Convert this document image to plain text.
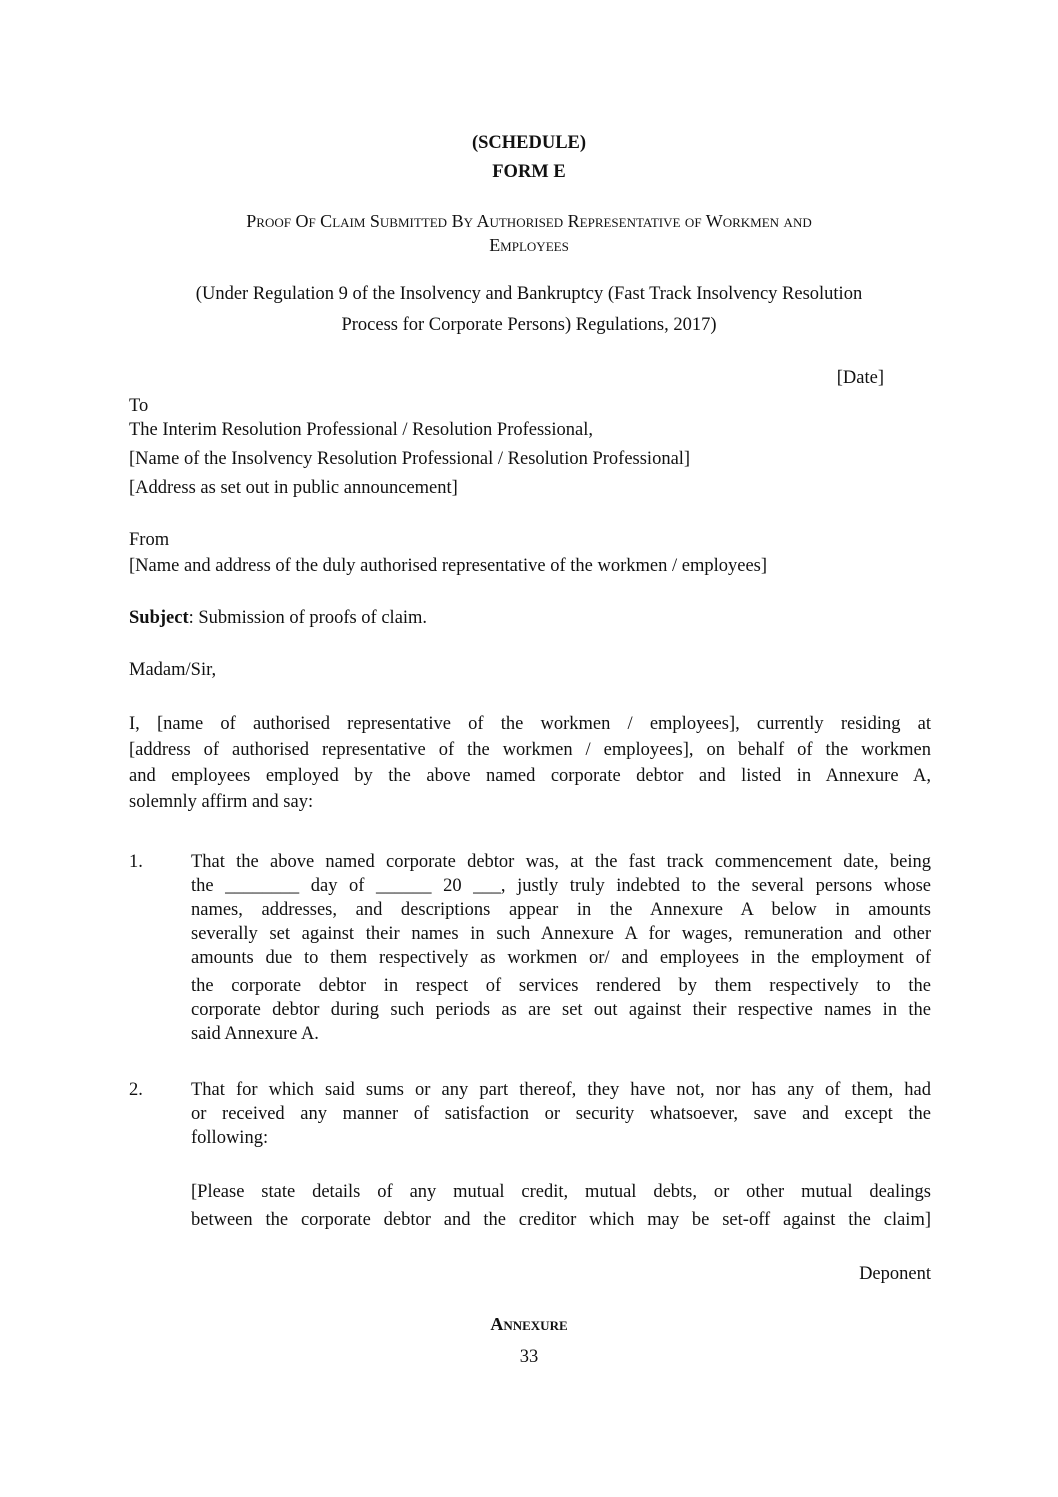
(SCHEDULE)
FORM E
Proof Of Claim Submitted By Authorised Representative of Workmen and
Employees
(Under Regulation 9 of the Insolvency and Bankruptcy (Fast Track Insolvency Resolution
Process for Corporate Persons) Regulations, 2017)
[Date]
To
The Interim Resolution Professional / Resolution Professional,
[Name of the Insolvency Resolution Professional / Resolution Professional]
[Address as set out in public announcement]
From
[Name and address of the duly authorised representative of the workmen / employees]
Subject: Submission of proofs of claim.
Madam/Sir,
I, [name of authorised representative of the workmen / employees], currently residing at
[address of authorised representative of the workmen / employees], on behalf of the workmen
and employees employed by the above named corporate debtor and listed in Annexure A,
solemnly affirm and say:
1.	That the above named corporate debtor was, at the fast track commencement date, being
the ________ day of ______ 20 ___, justly truly indebted to the several persons whose
names, addresses, and descriptions appear in the Annexure A below in amounts
severally set against their names in such Annexure A for wages, remuneration and other
amounts due to them respectively as workmen or/ and employees in the employment of
the corporate debtor in respect of services rendered by them respectively to the
corporate debtor during such periods as are set out against their respective names in the
said Annexure A.
2.	That for which said sums or any part thereof, they have not, nor has any of them, had
or received any manner of satisfaction or security whatsoever, save and except the
following:
[Please state details of any mutual credit, mutual debts, or other mutual dealings
between the corporate debtor and the creditor which may be set-off against the claim]
Deponent
Annexure
33
